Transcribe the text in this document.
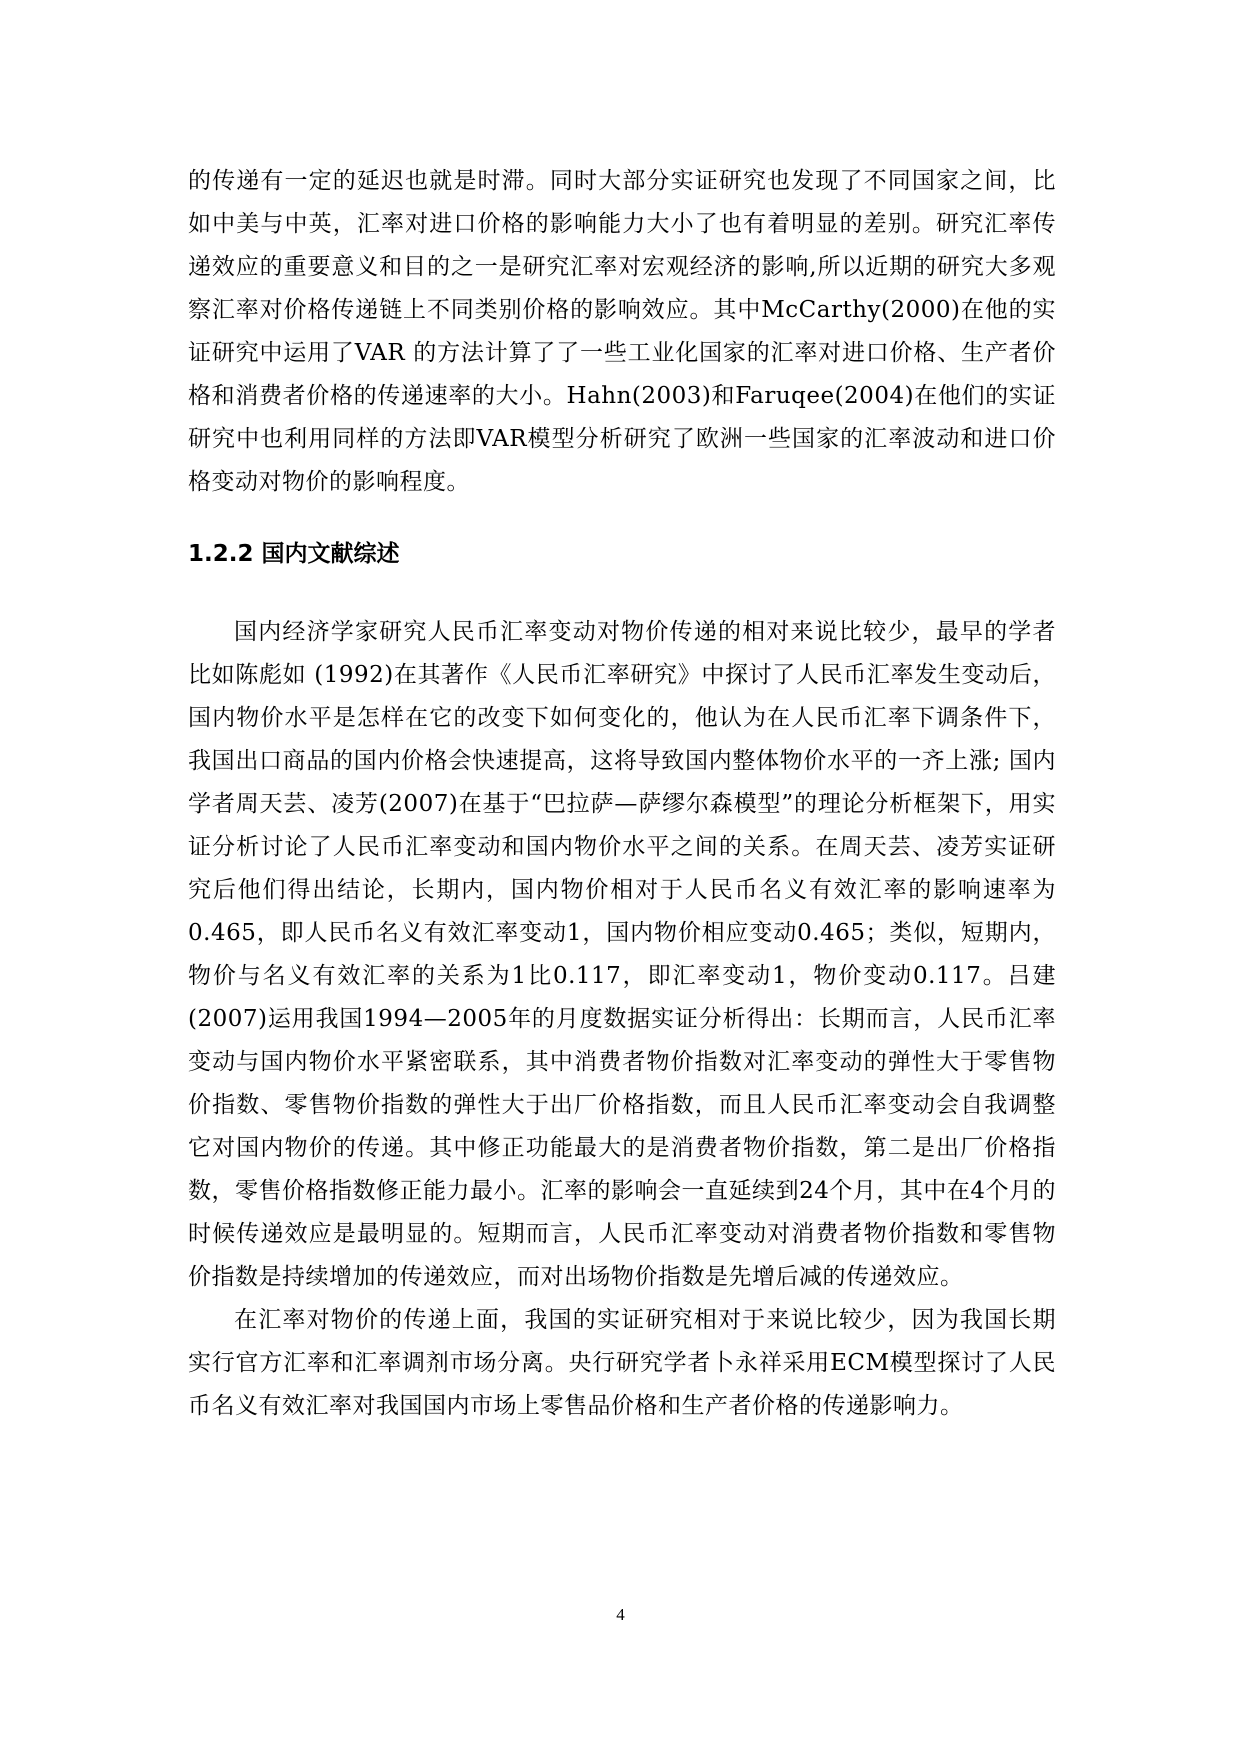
的传递有一定的延迟也就是时滞。同时大部分实证研究也发现了不同国家之间，比如中美与中英，汇率对进口价格的影响能力大小了也有着明显的差别。研究汇率传递效应的重要意义和目的之一是研究汇率对宏观经济的影响,所以近期的研究大多观察汇率对价格传递链上不同类别价格的影响效应。其中McCarthy(2000)在他的实证研究中运用了VAR 的方法计算了了一些工业化国家的汇率对进口价格、生产者价格和消费者价格的传递速率的大小。Hahn(2003)和Faruqee(2004)在他们的实证研究中也利用同样的方法即VAR模型分析研究了欧洲一些国家的汇率波动和进口价格变动对物价的影响程度。

1.2.2 国内文献综述

国内经济学家研究人民币汇率变动对物价传递的相对来说比较少，最早的学者比如陈彪如 (1992)在其著作《人民币汇率研究》中探讨了人民币汇率发生变动后，国内物价水平是怎样在它的改变下如何变化的，他认为在人民币汇率下调条件下，我国出口商品的国内价格会快速提高，这将导致国内整体物价水平的一齐上涨; 国内学者周天芸、凌芳(2007)在基于“巴拉萨—萨缪尔森模型”的理论分析框架下，用实证分析讨论了人民币汇率变动和国内物价水平之间的关系。在周天芸、凌芳实证研究后他们得出结论，长期内，国内物价相对于人民币名义有效汇率的影响速率为0.465，即人民币名义有效汇率变动1，国内物价相应变动0.465；类似，短期内，物价与名义有效汇率的关系为1比0.117，即汇率变动1，物价变动0.117。吕建(2007)运用我国1994—2005年的月度数据实证分析得出：长期而言，人民币汇率变动与国内物价水平紧密联系，其中消费者物价指数对汇率变动的弹性大于零售物价指数、零售物价指数的弹性大于出厂价格指数，而且人民币汇率变动会自我调整它对国内物价的传递。其中修正功能最大的是消费者物价指数，第二是出厂价格指数，零售价格指数修正能力最小。汇率的影响会一直延续到24个月，其中在4个月的时候传递效应是最明显的。短期而言，人民币汇率变动对消费者物价指数和零售物价指数是持续增加的传递效应，而对出场物价指数是先增后减的传递效应。

在汇率对物价的传递上面，我国的实证研究相对于来说比较少，因为我国长期实行官方汇率和汇率调剂市场分离。央行研究学者卜永祥采用ECM模型探讨了人民币名义有效汇率对我国国内市场上零售品价格和生产者价格的传递影响力。

4
